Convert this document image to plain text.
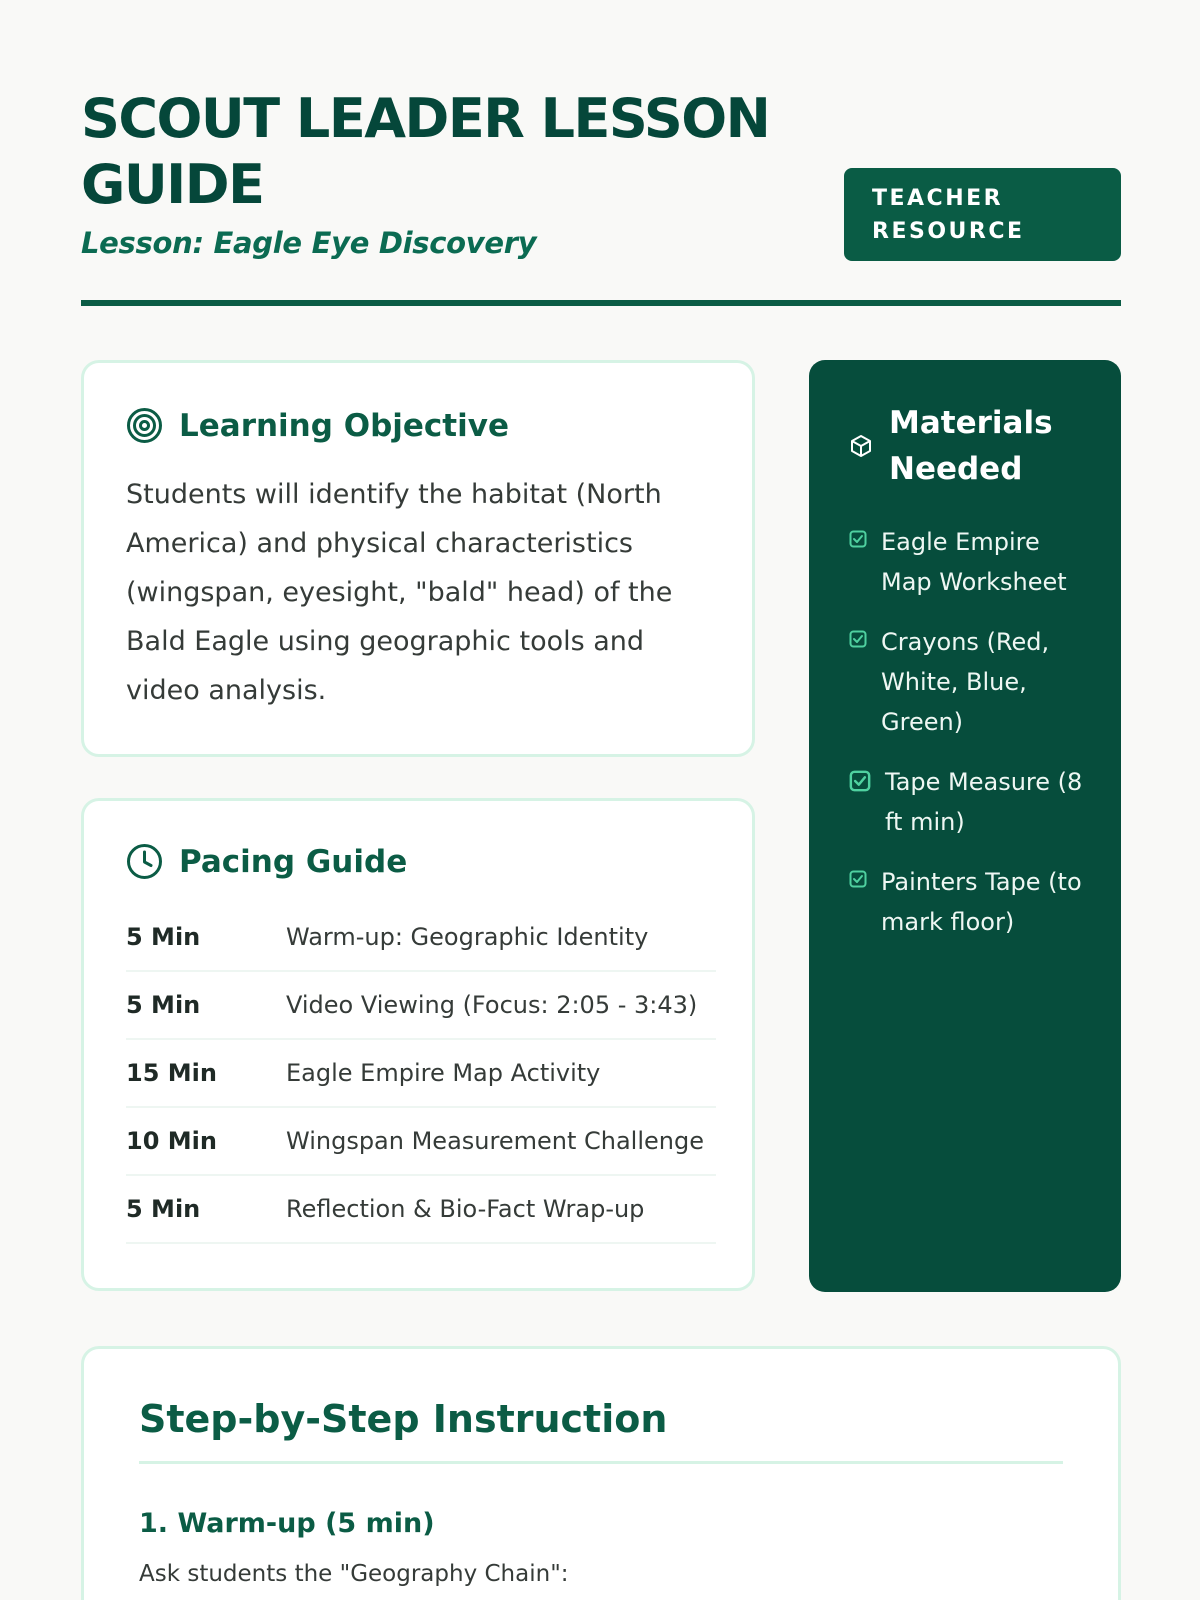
SCOUT LEADER LESSON GUIDE
Lesson: Eagle Eye Discovery
TEACHER RESOURCE
Learning Objective

Students will identify the habitat (North America) and physical characteristics (wingspan, eyesight, "bald" head) of the Bald Eagle using geographic tools and video analysis.

Pacing Guide
5 Min	Warm-up: Geographic Identity
5 Min	Video Viewing (Focus: 2:05 - 3:43)
15 Min	Eagle Empire Map Activity
10 Min	Wingspan Measurement Challenge
5 Min	Reflection & Bio-Fact Wrap-up
Materials Needed
Eagle Empire Map Worksheet
Crayons (Red, White, Blue, Green)
Tape Measure (8 ft min)
Painters Tape (to mark floor)
Step-by-Step Instruction
1. Warm-up (5 min)

Ask students the "Geography Chain":
